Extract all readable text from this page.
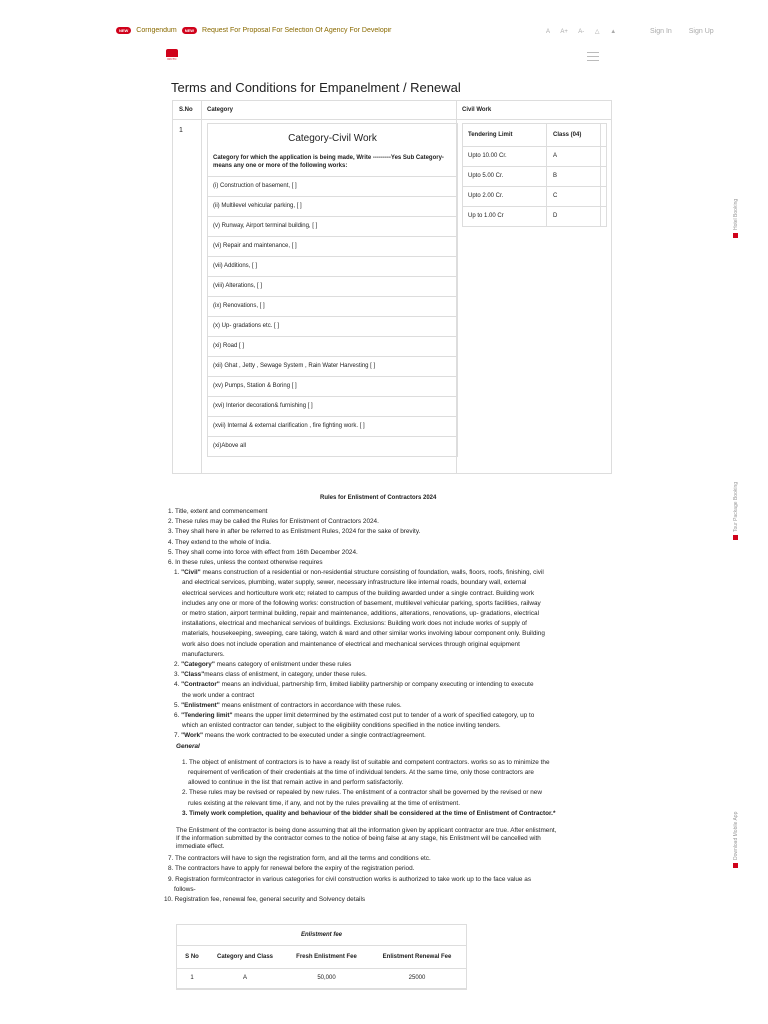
NEW Corrigendum NEW Request For Proposal For Selection Of Agency For Developir	A A+ A- △ ▲	Sign In Sign Up
IRCTC
Terms and Conditions for Empanelment / Renewal
S.No Category	Civil Work
1
Category-Civil Work
Category for which the application is being made, Write ---------Yes Sub Category- means any one or more of the following works:
(i) Construction of basement, [ ]
(ii) Multilevel vehicular parking, [ ]
(v) Runway, Airport terminal building, [ ]
(vi) Repair and maintenance, [ ]
(vii) Additions, [ ]
(viii) Alterations, [ ]
(ix) Renovations, [ ]
(x) Up- gradations etc. [ ]
(xi) Road [ ]
(xii) Ghat , Jetty , Sewage System , Rain Water Harvesting [ ]
(xv) Pumps, Station & Boring [ ]
(xvi) Interior decoration& furnishing [ ]
(xvii) Internal & external clarification , fire fighting work. [ ]
(xi)Above all
Tendering Limit	Class (04)
Upto 10.00 Cr.	A
Upto 5.00 Cr.	B
Upto 2.00 Cr.	C
Up to 1.00 Cr	D	Hotel Booking
Tour Package Booking
Download Mobile App
Rules for Enlistment of Contractors 2024
1. Title, extent and commencement
2. These rules may be called the Rules for Enlistment of Contractors 2024.
3. They shall here in after be referred to as Enlistment Rules, 2024 for the sake of brevity.
4. They extend to the whole of India.
5. They shall come into force with effect from 16th December 2024.
6. In these rules, unless the context otherwise requires
1. "Civil" means construction of a residential or non-residential structure consisting of foundation, walls, floors, roofs, finishing, civil
and electrical services, plumbing, water supply, sewer, necessary infrastructure like internal roads, boundary wall, external
electrical services and horticulture work etc; related to campus of the building awarded under a single contract. Building work
includes any one or more of the following works: construction of basement, multilevel vehicular parking, sports facilities, railway
or metro station, airport terminal building, repair and maintenance, additions, alterations, renovations, up- gradations, electrical
installations, electrical and mechanical services of buildings. Exclusions: Building work does not include works of supply of
materials, housekeeping, sweeping, care taking, watch & ward and other similar works involving labour component only. Building
work also does not include operation and maintenance of electrical and mechanical services through original equipment
manufacturers.
2. "Category" means category of enlistment under these rules
3. "Class"means class of enlistment, in category, under these rules.
4. "Contractor" means an individual, partnership firm, limited liability partnership or company executing or intending to execute
the work under a contract
5. "Enlistment" means enlistment of contractors in accordance with these rules.
6. "Tendering limit" means the upper limit determined by the estimated cost put to tender of a work of specified category, up to
which an enlisted contractor can tender, subject to the eligibility conditions specified in the notice inviting tenders.
7. "Work" means the work contracted to be executed under a single contract/agreement.
General
1. The object of enlistment of contractors is to have a ready list of suitable and competent contractors. works so as to minimize the
requirement of verification of their credentials at the time of individual tenders. At the same time, only those contractors are
allowed to continue in the list that remain active in and perform satisfactorily.
2. These rules may be revised or repealed by new rules. The enlistment of a contractor shall be governed by the revised or new
rules existing at the relevant time, if any, and not by the rules prevailing at the time of enlistment.
3. Timely work completion, quality and behaviour of the bidder shall be considered at the time of Enlistment of Contractor.*
The Enlistment of the contractor is being done assuming that all the information given by applicant contractor are true. After enlistment,
If the information submitted by the contractor comes to the notice of being false at any stage, his Enlistment will be cancelled with
immediate effect.
7. The contractors will have to sign the registration form, and all the terms and conditions etc.
8. The contractors have to apply for renewal before the expiry of the registration period.
9. Registration form/contractor in various categories for civil construction works is authorized to take work up to the face value as
follows-
10. Registration fee, renewal fee, general security and Solvency details
Enlistment fee
S No	Category and Class	Fresh Enlistment Fee	Enlistment Renewal Fee
1	A	50,000	25000
